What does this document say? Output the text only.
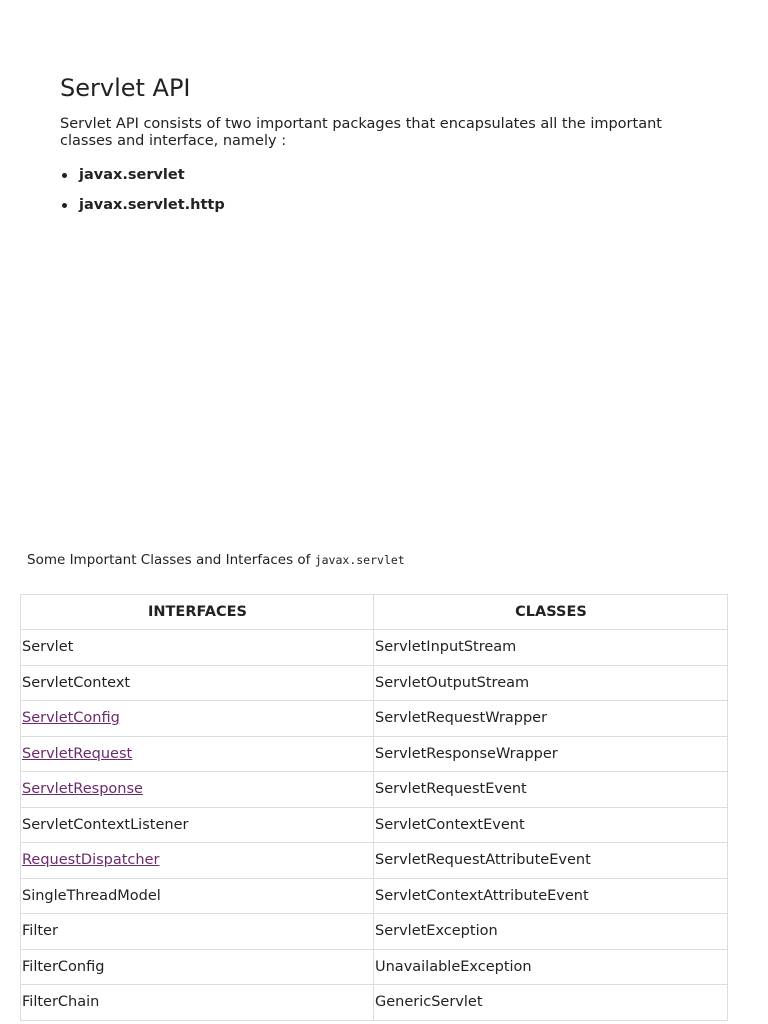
Servlet API

Servlet API consists of two important packages that encapsulates all the important classes and interface, namely :

javax.servlet
javax.servlet.http

Some Important Classes and Interfaces of javax.servlet

INTERFACES	CLASSES
Servlet	ServletInputStream
ServletContext	ServletOutputStream
ServletConfig	ServletRequestWrapper
ServletRequest	ServletResponseWrapper
ServletResponse	ServletRequestEvent
ServletContextListener	ServletContextEvent
RequestDispatcher	ServletRequestAttributeEvent
SingleThreadModel	ServletContextAttributeEvent
Filter	ServletException
FilterConfig	UnavailableException
FilterChain	GenericServlet
